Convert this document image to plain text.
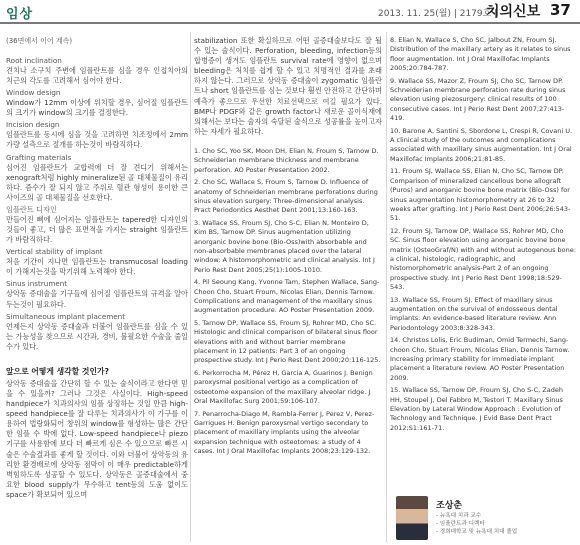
임상	2013. 11. 25(월) | 2179호 |
치의신보 37
(36면에서 이어 계속)
Root inclination
견치나 소구치 주변에 임플란트를 심을 경우 인접치아의 치근의 각도를 고려해서 심어야 한다.
Window design
Window가 12mm 이상에 위치할 경우, 심어질 임플란트의 크기가 window의 크기를 결정한다.
Incision design
임플란트를 동시에 심을 것을 고려하면 치조정에서 2mm 가량 설측으로 절개를 하는것이 바람직하다.
Grafting materials
심어진 임플란트가 교합력에 더 잘 견디기 위해서는 xenograft처럼 highly mineralize된 골 대체물질이 유리하다. 즘수가 잘 되지 않고 주위로 혈관 형성이 용이한 큰 사이즈의 골 대체물질을 선호한다.
임플란트 디자인
만들어진 뼈에 심어지는 임플란트는 tapered한 디자인의 것들이 좋고, 더 많은 표면적을 가지는 straight 임플란트가 바람직하다.
Vertical stability of implant
처음 기간이 지나면 임플란트는 transmucosal loading이 가해지는것을 막기위해 노력해야 한다.
Sinus instrument
상악동 증대술을 기구들에 심어질 임플란트의 규격을 알아두는것이 필요하다.
Simultaneous implant placement
언제든지 상악동 증대술과 더불어 임플란트를 심을 수 있는 가능성을 찾으므로 시간과, 경비, 불필요한 수술을 줄일 수가 있다.
앞으로 어떻게 생각할 것인가?
상악동 증대술을 간단히 할 수 있는 술식이라고 한다면 믿을 수 있을까? 그러나 그것은 사실이다. High-speed handpiece가 치과의사의 임플 상징하는 것일 만큼 high-speed handpiece를 잘 다루는 치과의사가 이 가구를 이용하여 법랑화되어 창위의 window를 형성하는 많은 간단한 임플 수 박에 없다. Low-speed handpiece나 piezo기구를 사용함에 보다 더 빠르게 심은 수 있으므로 빠른 시술은 수술결과를 좋게 할 것이다. 이와 더불어 상악동의 유리한 환경배로에 상악동 점막이 이 매우 predictable하게 벽힘하도록 성공할 수 있도다. 상악동은 골증대술에서 중요한 blood supply가 무수하고 tent등의 도움 없이도 space가 확보되어 있으며
stabilization 또한 확실하므로 어떤 골증대술보다도 잘 될 수 있는 술식이다. Perforation, bleeding, infection등의 합병증이 생겨도 임플란트 survival rate에 영향이 없으며 bleeding은 처치를 쉽게 할 수 있고 치명적인 결과를 초래하지 않는다. 그러므로 상악동 증대술이 zygomatic 임플란트나 short 임플란트를 심는 것보다 훨씬 안전하고 간단하며 예측가 좋으므로 우선한 치료선택으로 여길 필요가 있다. BMP나 PDGF와 같은 growth factor나 새로운 골이식재에 의해서는 보다는 술자의 숙달된 술식으로 성공률을 높이고자 하는 자세가 필요하다.
1. Cho SC, Yoo SK, Moon DH, Elian N, Froum S, Tarnow D. Schneiderian membrane thickness and membrane perforation. AO Poster Presentation 2002.
2. Cho SC, Wallace S, Froum S, Tarnow D. Influence of anatomy of Schneiderian membrane perforations during sinus elevation surgery: Three-dimensional analysis. Pract Periodontics Aesthet Dent 2001;13:160-163.
3. Wallace SS, Froum SJ, Cho S-C, Elian N, Monteiro D, Kim BS, Tarnow DP. Sinus augmentation utilizing anorganic bovine bone (Bio-Oss)with absorbable and non-absorbable membranes placed over the lateral window: A histomorphometric and clinical analysis. Int J Perio Rest Dent 2005;25(1):1005-1010.
4. Pil Seoung Kang, Yvonne Tam, Stephen Wallace, Sang-Choon Cho, Stuart Froum, Nicolas Elian, Dennis Tarnow. Complications and management of the maxillary sinus augmentation procedure. AO Poster Presentation 2009.
5. Tarnow DP, Wallace SS, Froum SJ, Rohrer MD, Cho SC. Histologic and clinical comparison of bilateral sinus floor elevations with and without barrier membrane placement in 12 patients: Part 3 of an ongoing prospective study. Int J Perio Rest Dent 2000;20:116-125.
6. Perkorrocha M, Pérez H, Garcia A, Guarinos J. Benign paroxysmal positional vertigo as a complication of osteotome expansion of the maxillary alveolar ridge. J Oral Maxillofac Surg 2001;59:106-107.
7. Penarrocha-Diago M, Rambla-Ferrer J, Perez V, Perez-Garrigues H. Benign paroxysmal vertigo secondary to placement of maxillary implants using the alveolar expansion technique with osteotomes: a study of 4 cases. Int J Oral Maxillofac Implants 2008;23:129-132.
8. Elian N, Wallace S, Cho SC, Jalbout ZN, Froum SJ. Distribution of the maxillary artery as it relates to sinus floor augmentation. Int J Oral Maxillofac Implants 2005;20:784-787.
9. Wallace SS, Mazor Z, Froum SJ, Cho SC, Tarnow DP. Schneiderian membrane perforation rate during sinus elevation using piezosurgery: clinical results of 100 consecutive cases. Int J Perio Rest Dent 2007;27:413-419.
10. Barone A, Santini S, Sbordone L, Crespi R, Covani U. A clinical study of the outcomes and complications associated with maxillary sinus augmentation. Int J Oral Maxillofac Implants 2006;21:81-85.
11. Froum SJ, Wallace SS, Elian N, Cho SC, Tarnow DP. Comparison of mineralized cancellous bone allograft (Puros) and anorganic bovine bone matrix (Bio-Oss) for sinus augmentation histomorphometry at 26 to 32 weeks after grafting. Int J Perio Rest Dent 2006;26:543-51.
12. Froum SJ, Tarnow DP, Wallace SS, Rohrer MD, Cho SC. Sinus floor elevation using anorganic bovine bone matrix (OsteoGraf/N) with and without autogenous bone: a clinical, histologic, radiographic, and histomorphometric analysis-Part 2 of an ongoing prospective study. Int J Perio Rest Dent 1998;18:529-543.
13. Wallace SS, Froum SJ. Effect of maxillary sinus augmentation on the survival of endosseous dental implants: An evidence-based literature review. Ann Periodontology 2003;8:328-343.
14. Christos Lolis, Eric Budiman, Omid Termechi, Sang-choon Cho, Stuart Froum, Nicolas Elian, Dennis Tarnow. Increasing primary stability for immediate implant placement a literature review. AO Poster Presentation 2009.
15. Wallace SS, Tarnow DP, Froum SJ, Cho S-C, Zadeh HH, Stoupel J, Del Fabbro M, Testori T. Maxillary Sinus Elevation by Lateral Window Approach : Evolution of Technology and Technique. J Evid Base Dent Pract 2012;S1:161-71.
조상춘
- 뉴욕대 치과 교수
- 임플란트과 디렉터
- 경희대학교 및 뉴욕대 치대 졸업
